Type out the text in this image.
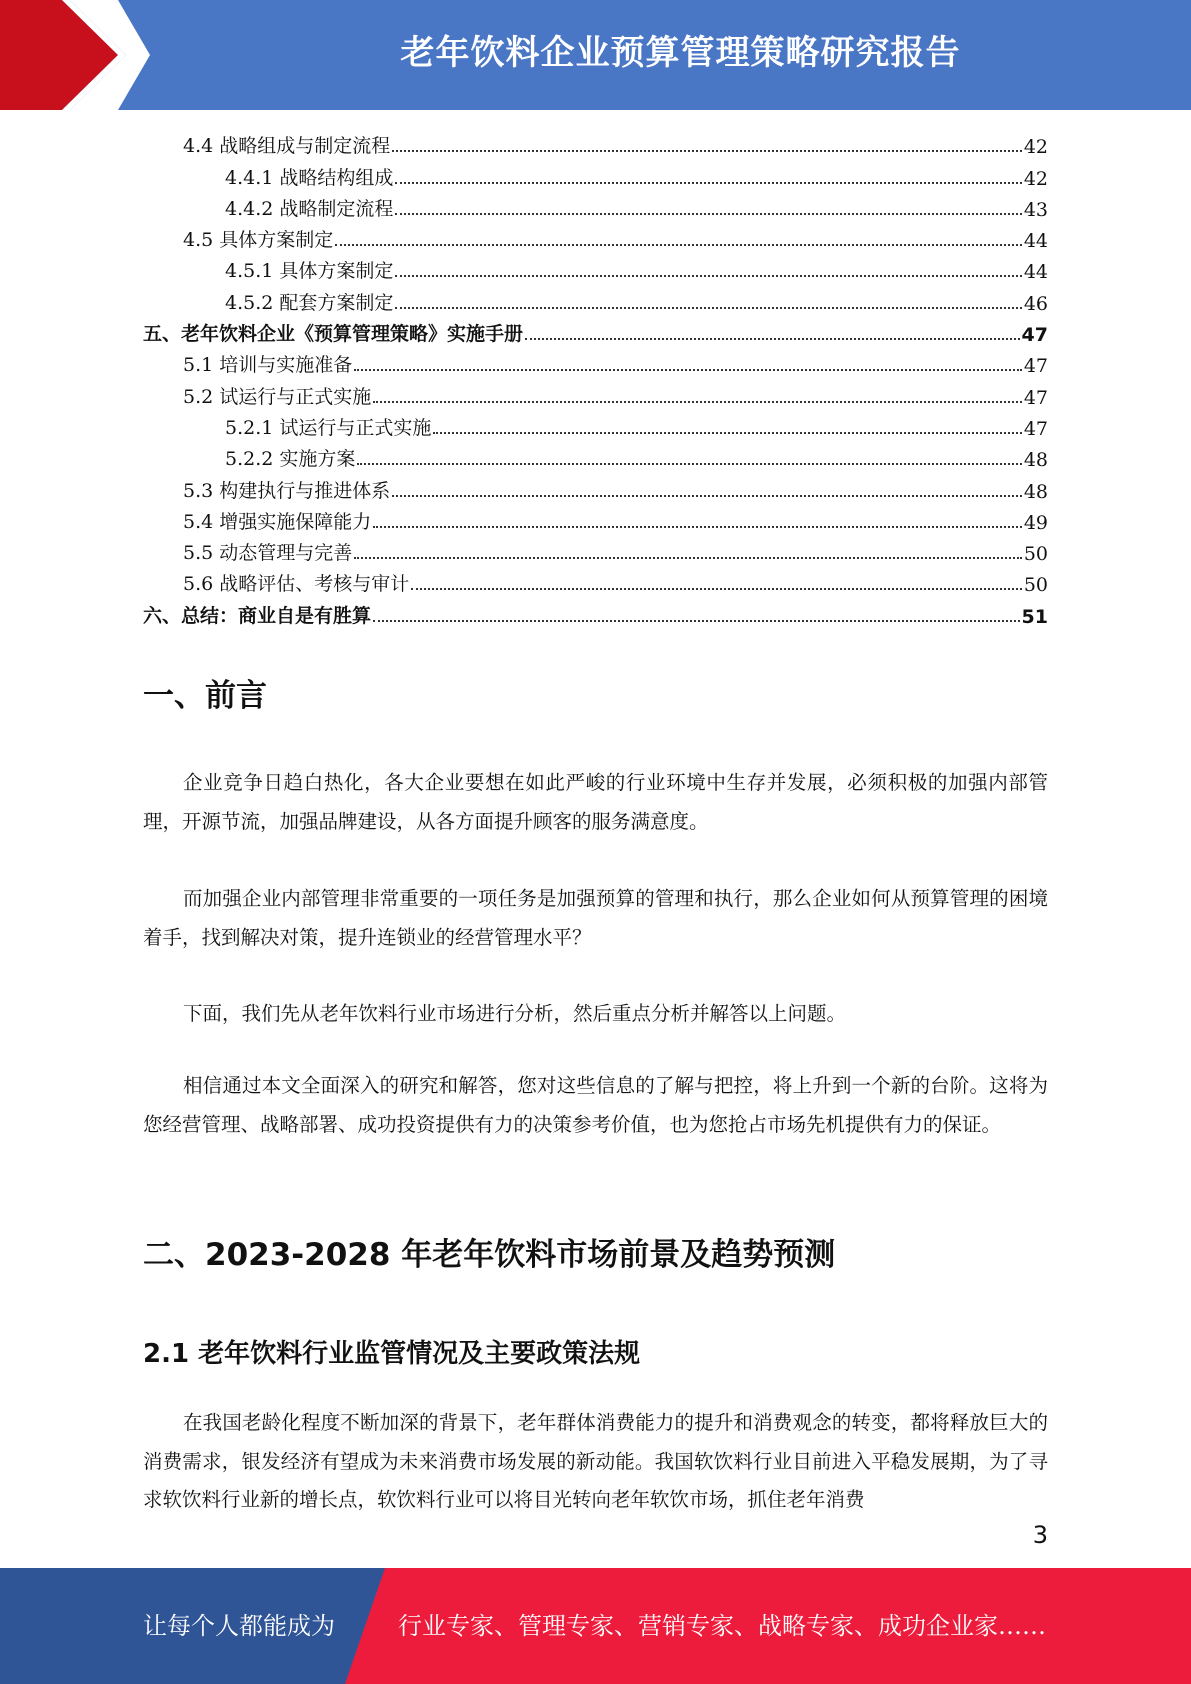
老年饮料企业预算管理策略研究报告
4.4 战略组成与制定流程	42
4.4.1 战略结构组成	42
4.4.2 战略制定流程	43
4.5 具体方案制定	44
4.5.1 具体方案制定	44
4.5.2 配套方案制定	46
五、老年饮料企业《预算管理策略》实施手册	47
5.1 培训与实施准备	47
5.2 试运行与正式实施	47
5.2.1 试运行与正式实施	47
5.2.2 实施方案	48
5.3 构建执行与推进体系	48
5.4 增强实施保障能力	49
5.5 动态管理与完善	50
5.6 战略评估、考核与审计	50
六、总结：商业自是有胜算	51
一、前言

企业竞争日趋白热化，各大企业要想在如此严峻的行业环境中生存并发展，必须积极的加强内部管理，开源节流，加强品牌建设，从各方面提升顾客的服务满意度。

而加强企业内部管理非常重要的一项任务是加强预算的管理和执行，那么企业如何从预算管理的困境着手，找到解决对策，提升连锁业的经营管理水平？

下面，我们先从老年饮料行业市场进行分析，然后重点分析并解答以上问题。

相信通过本文全面深入的研究和解答，您对这些信息的了解与把控，将上升到一个新的台阶。这将为您经营管理、战略部署、成功投资提供有力的决策参考价值，也为您抢占市场先机提供有力的保证。

二、2023-2028 年老年饮料市场前景及趋势预测
2.1 老年饮料行业监管情况及主要政策法规

在我国老龄化程度不断加深的背景下，老年群体消费能力的提升和消费观念的转变，都将释放巨大的消费需求，银发经济有望成为未来消费市场发展的新动能。我国软饮料行业目前进入平稳发展期，为了寻求软饮料行业新的增长点，软饮料行业可以将目光转向老年软饮市场，抓住老年消费

3
让每个人都能成为	行业专家、管理专家、营销专家、战略专家、成功企业家……
